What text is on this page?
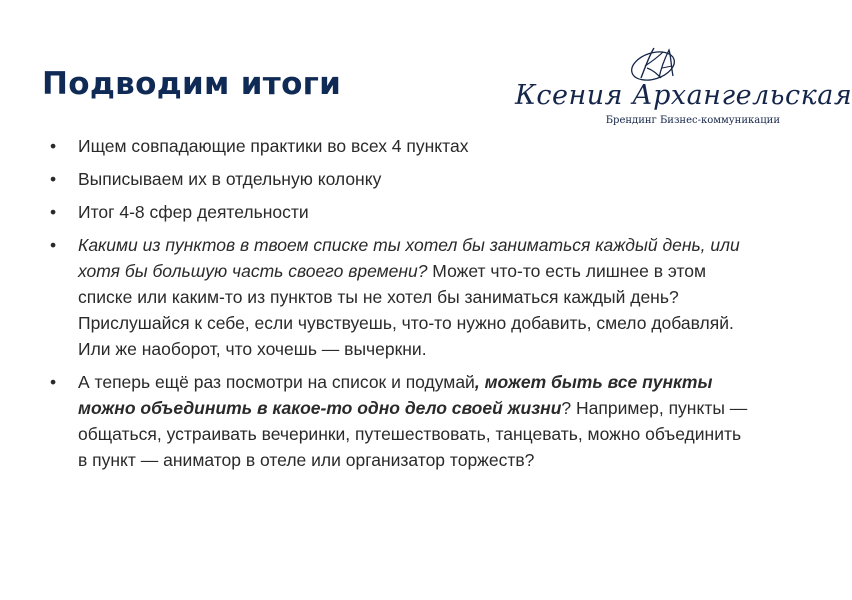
Подводим итоги	Ксения Архангельская
Брендинг Бизнес-коммуникации
• Ищем совпадающие практики во всех 4 пунктах
• Выписываем их в отдельную колонку
• Итог 4-8 сфер деятельности
• Какими из пунктов в твоем списке ты хотел бы заниматься каждый день, или хотя бы большую часть своего времени? Может что-то есть лишнее в этом списке или каким-то из пунктов ты не хотел бы заниматься каждый день? Прислушайся к себе, если чувствуешь, что-то нужно добавить, смело добавляй. Или же наоборот, что хочешь — вычеркни.
• А теперь ещё раз посмотри на список и подумай, может быть все пункты можно объединить в какое-то одно дело своей жизни? Например, пункты — общаться, устраивать вечеринки, путешествовать, танцевать, можно объединить в пункт — аниматор в отеле или организатор торжеств?
